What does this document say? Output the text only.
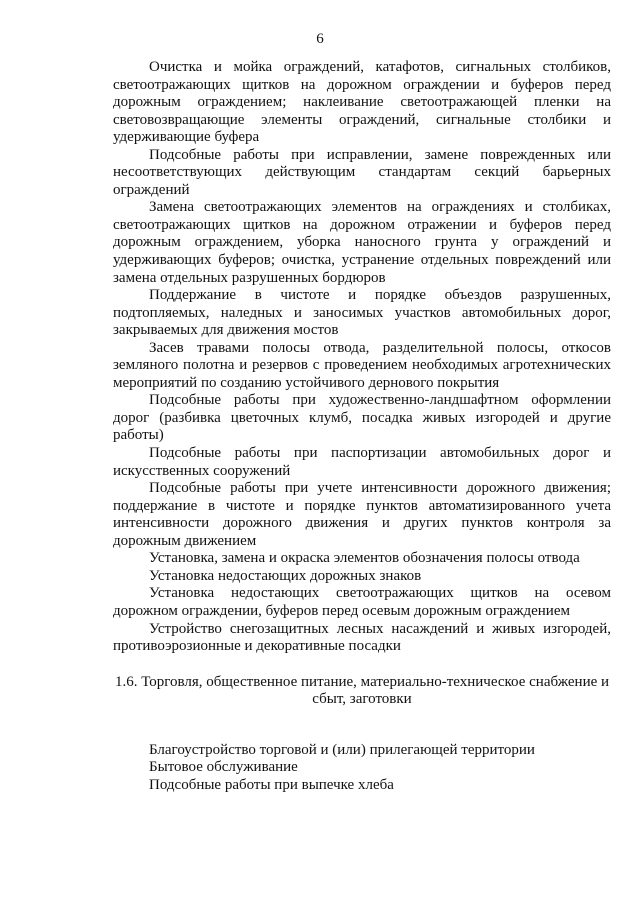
6

Очистка и мойка ограждений, катафотов, сигнальных столбиков, светоотражающих щитков на дорожном ограждении и буферов перед дорожным ограждением; наклеивание светоотражающей пленки на световозвращающие элементы ограждений, сигнальные столбики и удерживающие буфера

Подсобные работы при исправлении, замене поврежденных или несоответствующих действующим стандартам секций барьерных ограждений

Замена светоотражающих элементов на ограждениях и столбиках, светоотражающих щитков на дорожном отражении и буферов перед дорожным ограждением, уборка наносного грунта у ограждений и удерживающих буферов; очистка, устранение отдельных повреждений или замена отдельных разрушенных бордюров

Поддержание в чистоте и порядке объездов разрушенных, подтопляемых, наледных и заносимых участков автомобильных дорог, закрываемых для движения мостов

Засев травами полосы отвода, разделительной полосы, откосов земляного полотна и резервов с проведением необходимых агротехнических мероприятий по созданию устойчивого дернового покрытия

Подсобные работы при художественно-ландшафтном оформлении дорог (разбивка цветочных клумб, посадка живых изгородей и другие работы)

Подсобные работы при паспортизации автомобильных дорог и искусственных сооружений

Подсобные работы при учете интенсивности дорожного движения; поддержание в чистоте и порядке пунктов автоматизированного учета интенсивности дорожного движения и других пунктов контроля за дорожным движением

Установка, замена и окраска элементов обозначения полосы отвода

Установка недостающих дорожных знаков

Установка недостающих светоотражающих щитков на осевом дорожном ограждении, буферов перед осевым дорожным ограждением

Устройство снегозащитных лесных насаждений и живых изгородей, противоэрозионные и декоративные посадки

1.6. Торговля, общественное питание, материально-техническое снабжение и сбыт, заготовки

Благоустройство торговой и (или) прилегающей территории

Бытовое обслуживание

Подсобные работы при выпечке хлеба
